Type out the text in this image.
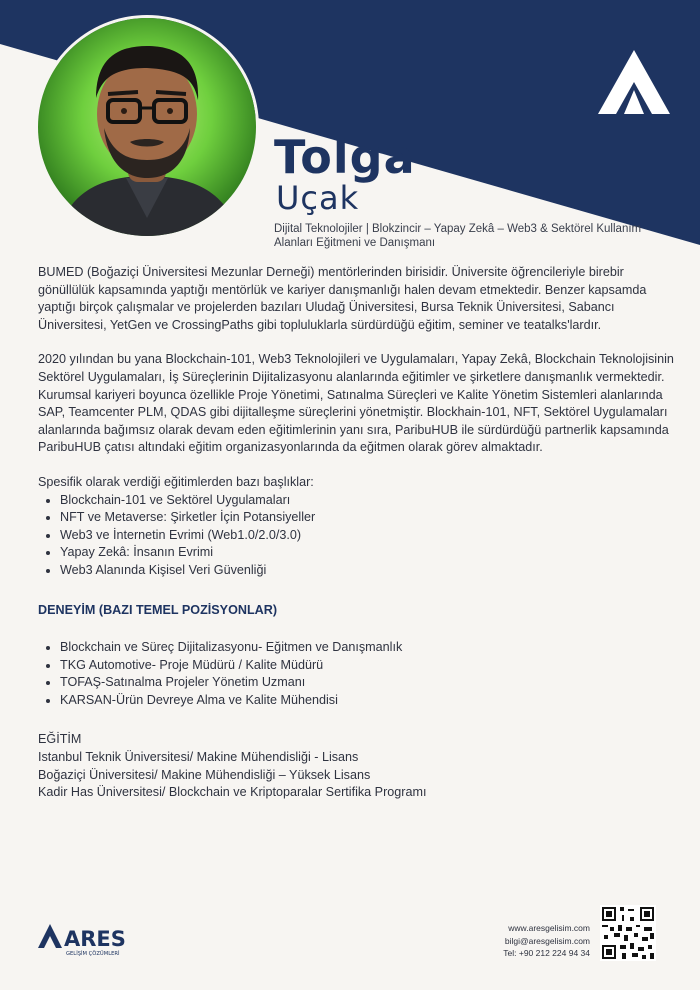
Tolga
Uçak
Dijital Teknolojiler | Blokzincir – Yapay Zekâ – Web3 & Sektörel Kullanım Alanları Eğitmeni ve Danışmanı

BUMED (Boğaziçi Üniversitesi Mezunlar Derneği) mentörlerinden birisidir. Üniversite öğrencileriyle birebir gönüllülük kapsamında yaptığı mentörlük ve kariyer danışmanlığı halen devam etmektedir. Benzer kapsamda yaptığı birçok çalışmalar ve projelerden bazıları Uludağ Üniversitesi, Bursa Teknik Üniversitesi, Sabancı Üniversitesi, YetGen ve CrossingPaths gibi topluluklarla sürdürdüğü eğitim, seminer ve teatalks'lardır.

2020 yılından bu yana Blockchain-101, Web3 Teknolojileri ve Uygulamaları, Yapay Zekâ, Blockchain Teknolojisinin Sektörel Uygulamaları, İş Süreçlerinin Dijitalizasyonu alanlarında eğitimler ve şirketlere danışmanlık vermektedir. Kurumsal kariyeri boyunca özellikle Proje Yönetimi, Satınalma Süreçleri ve Kalite Yönetim Sistemleri alanlarında SAP, Teamcenter PLM, QDAS gibi dijitalleşme süreçlerini yönetmiştir. Blockhain-101, NFT, Sektörel Uygulamaları alanlarında bağımsız olarak devam eden eğitimlerinin yanı sıra, ParibuHUB ile sürdürdüğü partnerlik kapsamında ParibuHUB çatısı altındaki eğitim organizasyonlarında da eğitmen olarak görev almaktadır.

Spesifik olarak verdiği eğitimlerden bazı başlıklar:
• Blockchain-101 ve Sektörel Uygulamaları
• NFT ve Metaverse: Şirketler İçin Potansiyeller
• Web3 ve İnternetin Evrimi (Web1.0/2.0/3.0)
• Yapay Zekâ: İnsanın Evrimi
• Web3 Alanında Kişisel Veri Güvenliği
DENEYİM (BAZI TEMEL POZİSYONLAR)
• Blockchain ve Süreç Dijitalizasyonu- Eğitmen ve Danışmanlık
• TKG Automotive- Proje Müdürü / Kalite Müdürü
• TOFAŞ-Satınalma Projeler Yönetim Uzmanı
• KARSAN-Ürün Devreye Alma ve Kalite Mühendisi
EĞİTİM
Istanbul Teknik Üniversitesi/ Makine Mühendisliği - Lisans
Boğaziçi Üniversitesi/ Makine Mühendisliği – Yüksek Lisans
Kadir Has Üniversitesi/ Blockchain ve Kriptoparalar Sertifika Programı
ARES
GELİŞİM ÇÖZÜMLERİ
www.aresgelisim.com
bilgi@aresgelisim.com
Tel: +90 212 224 94 34
